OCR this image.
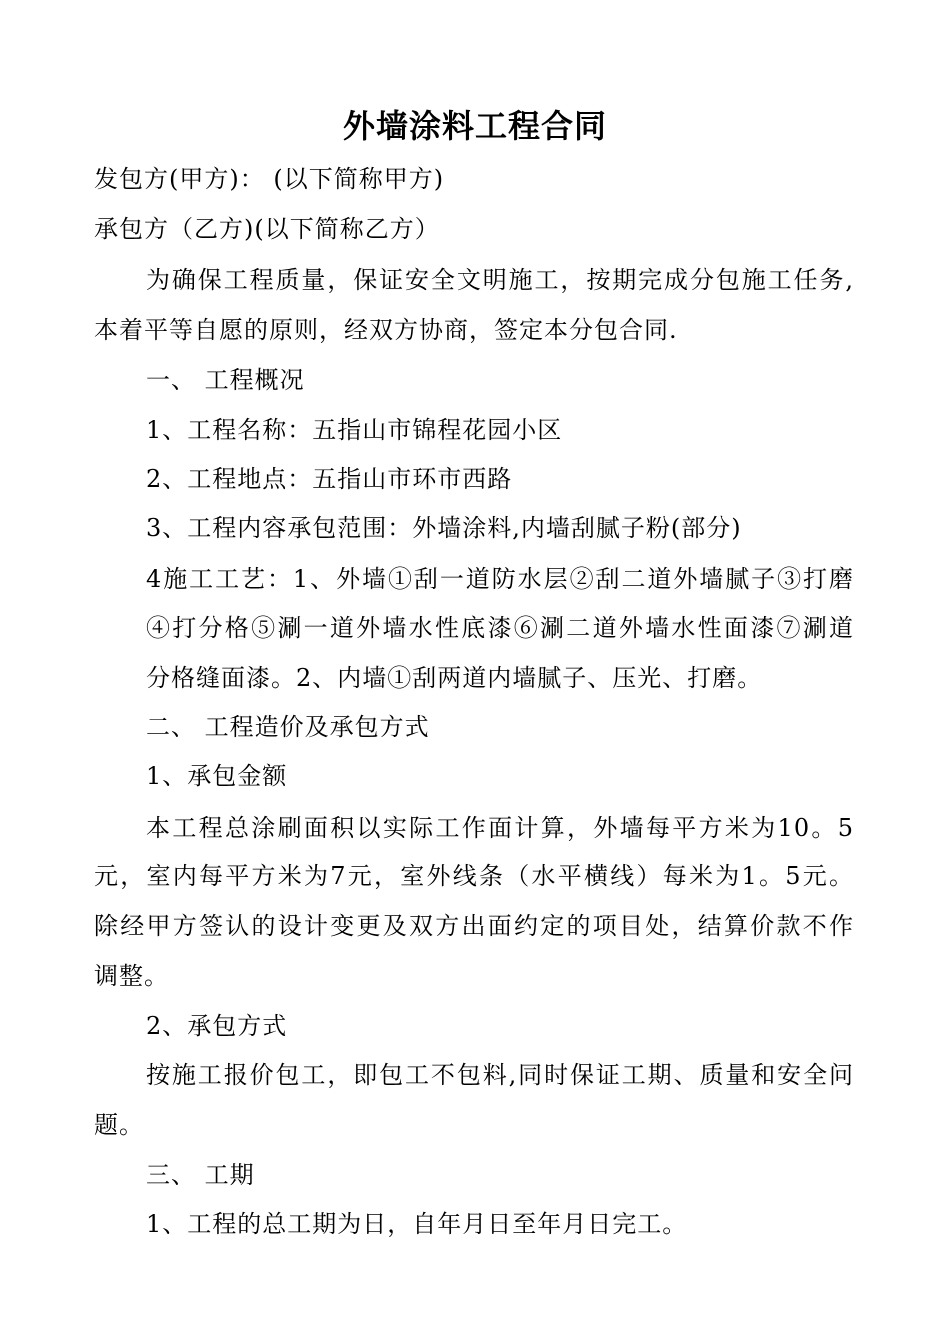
外墙涂料工程合同
发包方(甲方)： (以下简称甲方)
承包方（乙方)(以下简称乙方）
为确保工程质量，保证安全文明施工，按期完成分包施工任务,
本着平等自愿的原则，经双方协商，签定本分包合同.
一、 工程概况
1、工程名称：五指山市锦程花园小区
2、工程地点：五指山市环市西路
3、工程内容承包范围：外墙涂料,内墙刮腻子粉(部分)
4施工工艺：1、外墙①刮一道防水层②刮二道外墙腻子③打磨
④打分格⑤涮一道外墙水性底漆⑥涮二道外墙水性面漆⑦涮道
分格缝面漆。2、内墙①刮两道内墙腻子、压光、打磨。
二、 工程造价及承包方式
1、承包金额
本工程总涂刷面积以实际工作面计算，外墙每平方米为10。5
元，室内每平方米为7元，室外线条（水平横线）每米为1。5元。
除经甲方签认的设计变更及双方出面约定的项目处，结算价款不作
调整。
2、承包方式
按施工报价包工，即包工不包料,同时保证工期、质量和安全问
题。
三、 工期
1、工程的总工期为日，自年月日至年月日完工。
